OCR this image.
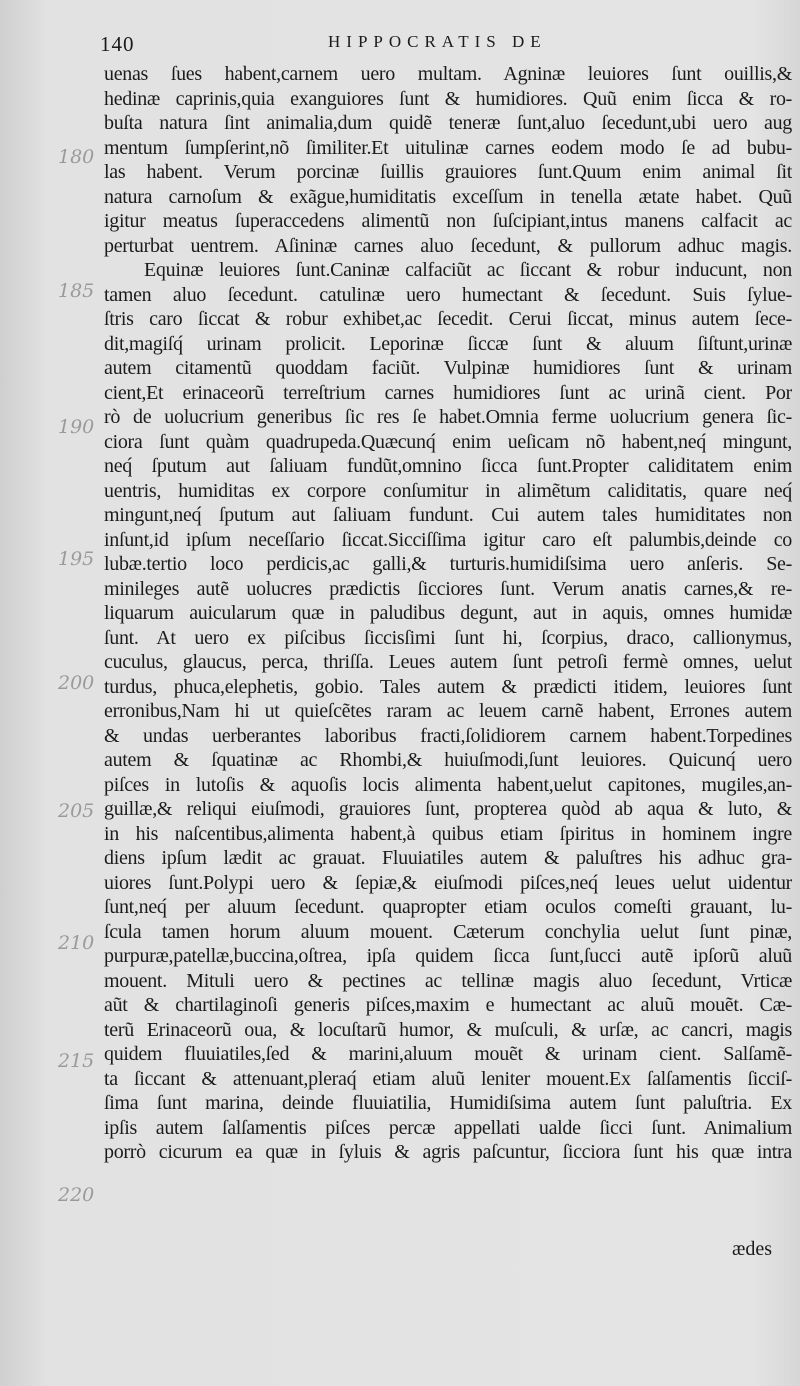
140	HIPPOCRATIS DE
uenas ſues habent,carnem uero multam. Agninæ leuiores ſunt ouillis,&
hedinæ caprinis,quia exanguiores ſunt & humidiores. Quũ enim ſicca & ro-
buſta natura ſint animalia,dum quidẽ teneræ ſunt,aluo ſecedunt,ubi uero aug
mentum ſumpſerint,nõ ſimiliter.Et uitulinæ carnes eodem modo ſe ad bubu-
las habent. Verum porcinæ ſuillis grauiores ſunt.Quum enim animal ſit
natura carnoſum & exãgue,humiditatis exceſſum in tenella ætate habet. Quũ
igitur meatus ſuperaccedens alimentũ non ſuſcipiant,intus manens calfacit ac
perturbat uentrem. Aſininæ carnes aluo ſecedunt, & pullorum adhuc magis.
Equinæ leuiores ſunt.Caninæ calfaciũt ac ſiccant & robur inducunt, non
tamen aluo ſecedunt. catulinæ uero humectant & ſecedunt. Suis ſylue-
ſtris caro ſiccat & robur exhibet,ac ſecedit. Cerui ſiccat, minus autem ſece-
dit,magiſq́ urinam prolicit. Leporinæ ſiccæ ſunt & aluum ſiſtunt,urinæ
autem citamentũ quoddam faciũt. Vulpinæ humidiores ſunt & urinam
cient,Et erinaceorũ terreſtrium carnes humidiores ſunt ac urinã cient. Por
rò de uolucrium generibus ſic res ſe habet.Omnia ferme uolucrium genera ſic-
ciora ſunt quàm quadrupeda.Quæcunq́ enim ueſicam nõ habent,neq́ mingunt,
neq́ ſputum aut ſaliuam fundũt,omnino ſicca ſunt.Propter caliditatem enim
uentris, humiditas ex corpore conſumitur in alimẽtum caliditatis, quare neq́
mingunt,neq́ ſputum aut ſaliuam fundunt. Cui autem tales humiditates non
inſunt,id ipſum neceſſario ſiccat.Sicciſſima igitur caro eſt palumbis,deinde co
lubæ.tertio loco perdicis,ac galli,& turturis.humidiſsima uero anſeris. Se-
minileges autẽ uolucres prædictis ſicciores ſunt. Verum anatis carnes,& re-
liquarum auicularum quæ in paludibus degunt, aut in aquis, omnes humidæ
ſunt. At uero ex piſcibus ſiccisſimi ſunt hi, ſcorpius, draco, callionymus,
cuculus, glaucus, perca, thriſſa. Leues autem ſunt petroſi fermè omnes, uelut
turdus, phuca,elephetis, gobio. Tales autem & prædicti itidem, leuiores ſunt
erronibus,Nam hi ut quieſcẽtes raram ac leuem carnẽ habent, Errones autem
& undas uerberantes laboribus fracti,ſolidiorem carnem habent.Torpedines
autem & ſquatinæ ac Rhombi,& huiuſmodi,ſunt leuiores. Quicunq́ uero
piſces in lutoſis & aquoſis locis alimenta habent,uelut capitones, mugiles,an-
guillæ,& reliqui eiuſmodi, grauiores ſunt, propterea quòd ab aqua & luto, &
in his naſcentibus,alimenta habent,à quibus etiam ſpiritus in hominem ingre
diens ipſum lædit ac grauat. Fluuiatiles autem & paluſtres his adhuc gra-
uiores ſunt.Polypi uero & ſepiæ,& eiuſmodi piſces,neq́ leues uelut uidentur
ſunt,neq́ per aluum ſecedunt. quapropter etiam oculos comeſti grauant, lu-
ſcula tamen horum aluum mouent. Cæterum conchylia uelut ſunt pinæ,
purpuræ,patellæ,buccina,oſtrea, ipſa quidem ſicca ſunt,ſucci autẽ ipſorũ aluũ
mouent. Mituli uero & pectines ac tellinæ magis aluo ſecedunt, Vrticæ
aũt & chartilaginoſi generis piſces,maxim e humectant ac aluũ mouẽt. Cæ-
terũ Erinaceorũ oua, & locuſtarũ humor, & muſculi, & urſæ, ac cancri, magis
quidem fluuiatiles,ſed & marini,aluum mouẽt & urinam cient. Salſamẽ-
ta ſiccant & attenuant,pleraq́ etiam aluũ leniter mouent.Ex ſalſamentis ſicciſ-
ſima ſunt marina, deinde fluuiatilia, Humidiſsima autem ſunt paluſtria. Ex
ipſis autem ſalſamentis piſces percæ appellati ualde ſicci ſunt. Animalium
porrò cicurum ea quæ in ſyluis & agris paſcuntur, ſicciora ſunt his quæ intra
ædes
180
185
190
195
200
205
210
215
220
